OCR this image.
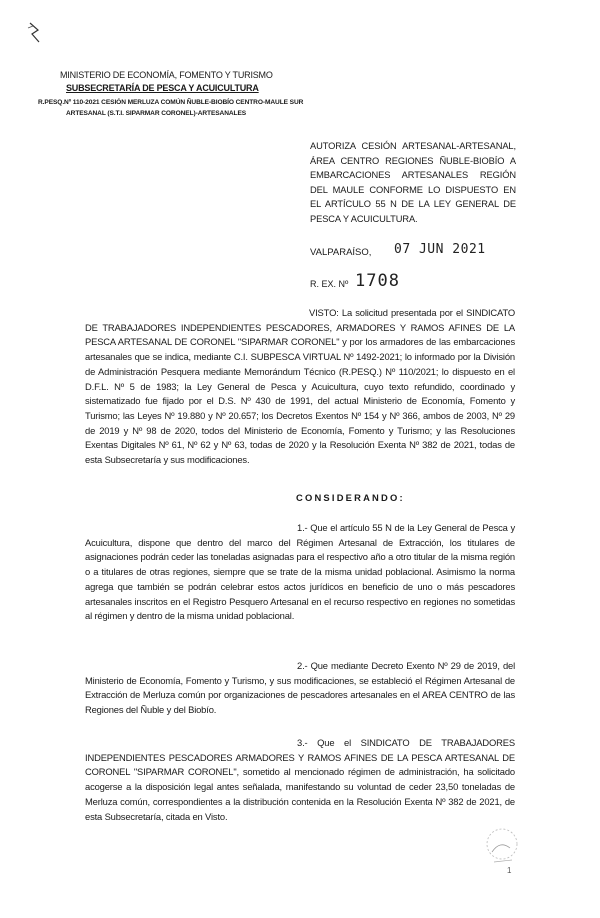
MINISTERIO DE ECONOMÍA, FOMENTO Y TURISMO
SUBSECRETARÍA DE PESCA Y ACUICULTURA
R.PESQ.Nº 110-2021 CESIÓN MERLUZA COMÚN ÑUBLE-BIOBÍO CENTRO-MAULE SUR
ARTESANAL (S.T.I. SIPARMAR CORONEL)-ARTESANALES
AUTORIZA CESIÓN ARTESANAL-ARTESANAL, ÁREA CENTRO REGIONES ÑUBLE-BIOBÍO A EMBARCACIONES ARTESANALES REGIÓN DEL MAULE CONFORME LO DISPUESTO EN EL ARTÍCULO 55 N DE LA LEY GENERAL DE PESCA Y ACUICULTURA.
VALPARAÍSO, 07 JUN 2021
R. EX. Nº 1708
VISTO: La solicitud presentada por el SINDICATO DE TRABAJADORES INDEPENDIENTES PESCADORES, ARMADORES Y RAMOS AFINES DE LA PESCA ARTESANAL DE CORONEL "SIPARMAR CORONEL" y por los armadores de las embarcaciones artesanales que se indica, mediante C.I. SUBPESCA VIRTUAL Nº 1492-2021; lo informado por la División de Administración Pesquera mediante Memorándum Técnico (R.PESQ.) Nº 110/2021; lo dispuesto en el D.F.L. Nº 5 de 1983; la Ley General de Pesca y Acuicultura, cuyo texto refundido, coordinado y sistematizado fue fijado por el D.S. Nº 430 de 1991, del actual Ministerio de Economía, Fomento y Turismo; las Leyes Nº 19.880 y Nº 20.657; los Decretos Exentos Nº 154 y Nº 366, ambos de 2003, Nº 29 de 2019 y Nº 98 de 2020, todos del Ministerio de Economía, Fomento y Turismo; y las Resoluciones Exentas Digitales Nº 61, Nº 62 y Nº 63, todas de 2020 y la Resolución Exenta Nº 382 de 2021, todas de esta Subsecretaría y sus modificaciones.
CONSIDERANDO:
1.- Que el artículo 55 N de la Ley General de Pesca y Acuicultura, dispone que dentro del marco del Régimen Artesanal de Extracción, los titulares de asignaciones podrán ceder las toneladas asignadas para el respectivo año a otro titular de la misma región o a titulares de otras regiones, siempre que se trate de la misma unidad poblacional. Asimismo la norma agrega que también se podrán celebrar estos actos jurídicos en beneficio de uno o más pescadores artesanales inscritos en el Registro Pesquero Artesanal en el recurso respectivo en regiones no sometidas al régimen y dentro de la misma unidad poblacional.
2.- Que mediante Decreto Exento Nº 29 de 2019, del Ministerio de Economía, Fomento y Turismo, y sus modificaciones, se estableció el Régimen Artesanal de Extracción de Merluza común por organizaciones de pescadores artesanales en el AREA CENTRO de las Regiones del Ñuble y del Biobío.
3.- Que el SINDICATO DE TRABAJADORES INDEPENDIENTES PESCADORES ARMADORES Y RAMOS AFINES DE LA PESCA ARTESANAL DE CORONEL "SIPARMAR CORONEL", sometido al mencionado régimen de administración, ha solicitado acogerse a la disposición legal antes señalada, manifestando su voluntad de ceder 23,50 toneladas de Merluza común, correspondientes a la distribución contenida en la Resolución Exenta Nº 382 de 2021, de esta Subsecretaría, citada en Visto.
1
